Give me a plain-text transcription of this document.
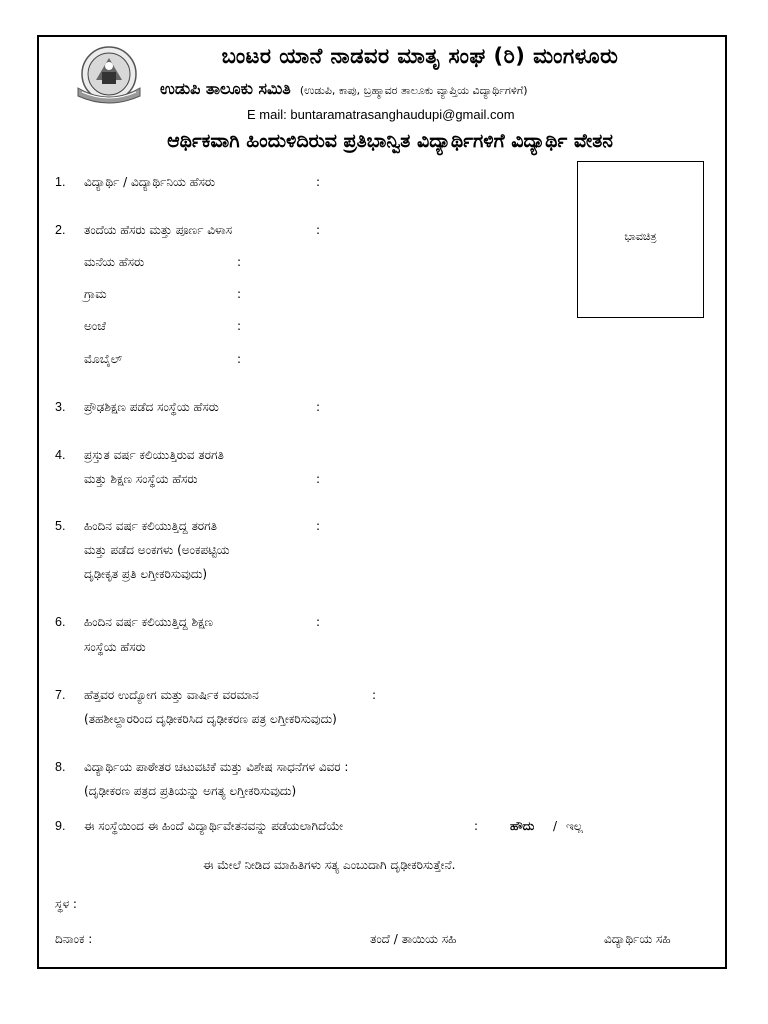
ಬಂಟರ ಯಾನೆ ನಾಡವರ ಮಾತೃ ಸಂಘ (ರಿ) ಮಂಗಳೂರು
ಉಡುಪಿ ತಾಲೂಕು ಸಮಿತಿ (ಉಡುಪಿ, ಕಾಪು, ಬ್ರಹ್ಮಾವರ ತಾಲೂಕು ವ್ಯಾಪ್ತಿಯ ವಿದ್ಯಾರ್ಥಿಗಳಿಗೆ)
E mail: buntaramatrasanghaudupi@gmail.com
ಆರ್ಥಿಕವಾಗಿ ಹಿಂದುಳಿದಿರುವ ಪ್ರತಿಭಾನ್ವಿತ ವಿದ್ಯಾರ್ಥಿಗಳಿಗೆ ವಿದ್ಯಾರ್ಥಿ ವೇತನ
ಭಾವಚಿತ್ರ
1. ವಿದ್ಯಾರ್ಥಿ / ವಿದ್ಯಾರ್ಥಿನಿಯ ಹೆಸರು	:
2. ತಂದೆಯ ಹೆಸರು ಮತ್ತು ಪೂರ್ಣ ವಿಳಾಸ	:
ಮನೆಯ ಹೆಸರು	:
ಗ್ರಾಮ	:
ಅಂಚೆ	:
ಮೊಬೈಲ್	:
3. ಪ್ರೌಢಶಿಕ್ಷಣ ಪಡೆದ ಸಂಸ್ಥೆಯ ಹೆಸರು	:
4. ಪ್ರಸ್ತುತ ವರ್ಷ ಕಲಿಯುತ್ತಿರುವ ತರಗತಿ
ಮತ್ತು ಶಿಕ್ಷಣ ಸಂಸ್ಥೆಯ ಹೆಸರು	:
5. ಹಿಂದಿನ ವರ್ಷ ಕಲಿಯುತ್ತಿದ್ದ ತರಗತಿ	:
ಮತ್ತು ಪಡೆದ ಅಂಕಗಳು (ಅಂಕಪಟ್ಟಿಯ
ದೃಢೀಕೃತ ಪ್ರತಿ ಲಗ್ತೀಕರಿಸುವುದು)
6. ಹಿಂದಿನ ವರ್ಷ ಕಲಿಯುತ್ತಿದ್ದ ಶಿಕ್ಷಣ	:
ಸಂಸ್ಥೆಯ ಹೆಸರು
7. ಹೆತ್ತವರ ಉದ್ಯೋಗ ಮತ್ತು ವಾರ್ಷಿಕ ವರಮಾನ	:
(ತಹಶೀಲ್ದಾರರಿಂದ ದೃಢೀಕರಿಸಿದ ದೃಢೀಕರಣ ಪತ್ರ ಲಗ್ತೀಕರಿಸುವುದು)
8. ವಿದ್ಯಾರ್ಥಿಯ ಪಾಠೇತರ ಚಟುವಟಿಕೆ ಮತ್ತು ವಿಶೇಷ ಸಾಧನೆಗಳ ವಿವರ :
(ದೃಢೀಕರಣ ಪತ್ರದ ಪ್ರತಿಯನ್ನು ಅಗತ್ಯ ಲಗ್ತೀಕರಿಸುವುದು)
9. ಈ ಸಂಸ್ಥೆಯಿಂದ ಈ ಹಿಂದೆ ವಿದ್ಯಾರ್ಥಿವೇತನವನ್ನು ಪಡೆಯಲಾಗಿದೆಯೇ	:	ಹೌದು / ಇಲ್ಲ
ಈ ಮೇಲೆ ನೀಡಿದ ಮಾಹಿತಿಗಳು ಸತ್ಯ ಎಂಬುದಾಗಿ ದೃಢೀಕರಿಸುತ್ತೇನೆ.
ಸ್ಥಳ :
ದಿನಾಂಕ :	ತಂದೆ / ತಾಯಿಯ ಸಹಿ	ವಿದ್ಯಾರ್ಥಿಯ ಸಹಿ
